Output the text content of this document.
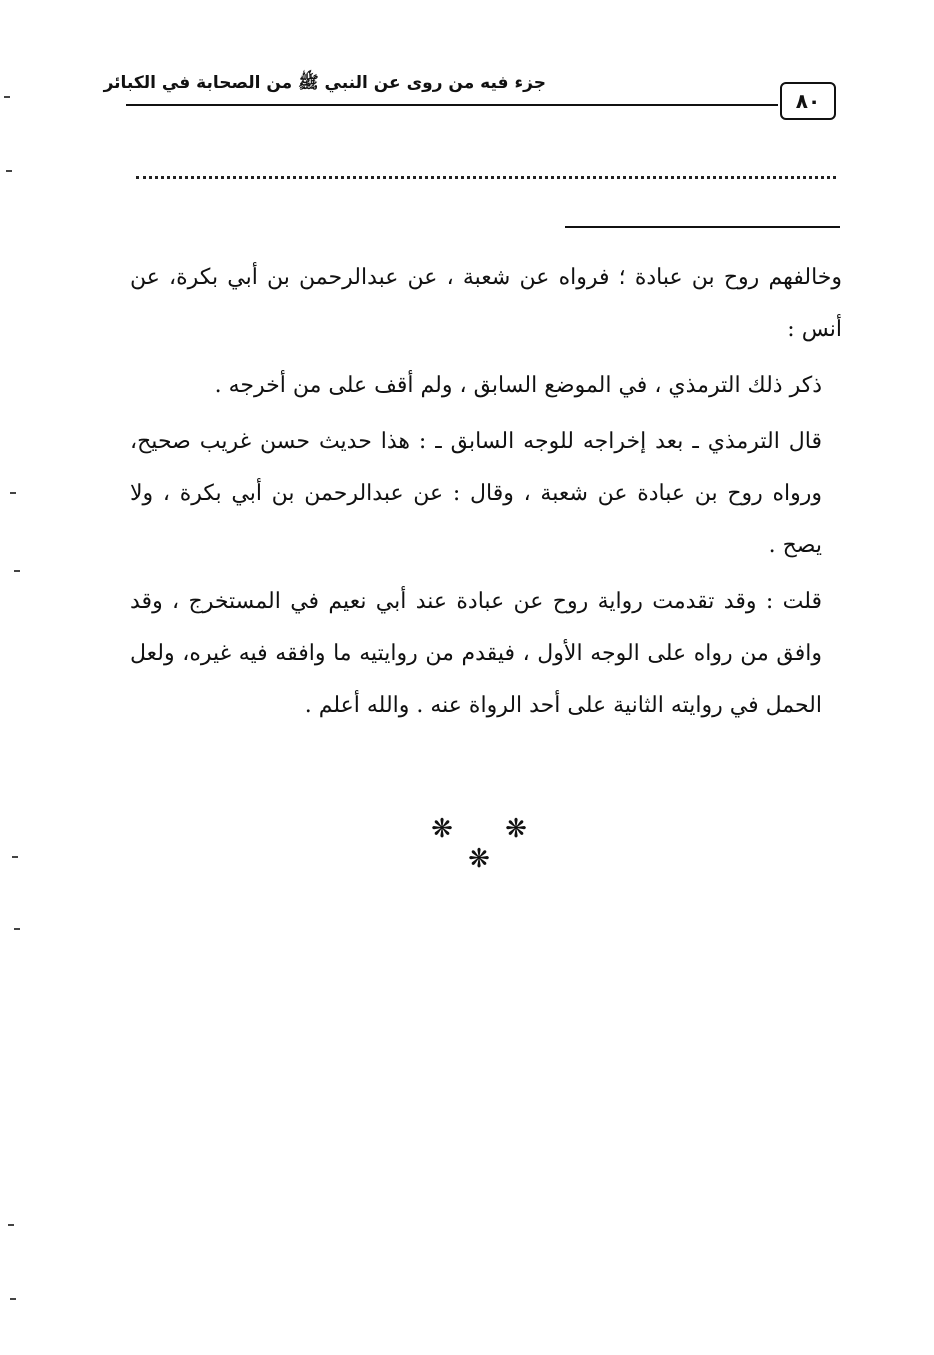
جزء فيه من روى عن النبي ﷺ من الصحابة في الكبائر
٨٠

وخالفهم روح بن عبادة ؛ فرواه عن شعبة ، عن عبدالرحمن بن أبي بكرة، عن أنس :

ذكر ذلك الترمذي ، في الموضع السابق ، ولم أقف على من أخرجه .

قال الترمذي ـ بعد إخراجه للوجه السابق ـ : هذا حديث حسن غريب صحيح، ورواه روح بن عبادة عن شعبة ، وقال : عن عبدالرحمن بن أبي بكرة ، ولا يصح .

قلت : وقد تقدمت رواية روح عن عبادة عند أبي نعيم في المستخرج ، وقد وافق من رواه على الوجه الأول ، فيقدم من روايتيه ما وافقه فيه غيره، ولعل الحمل في روايته الثانية على أحد الرواة عنه . والله أعلم .

❋ ❋ ❋
